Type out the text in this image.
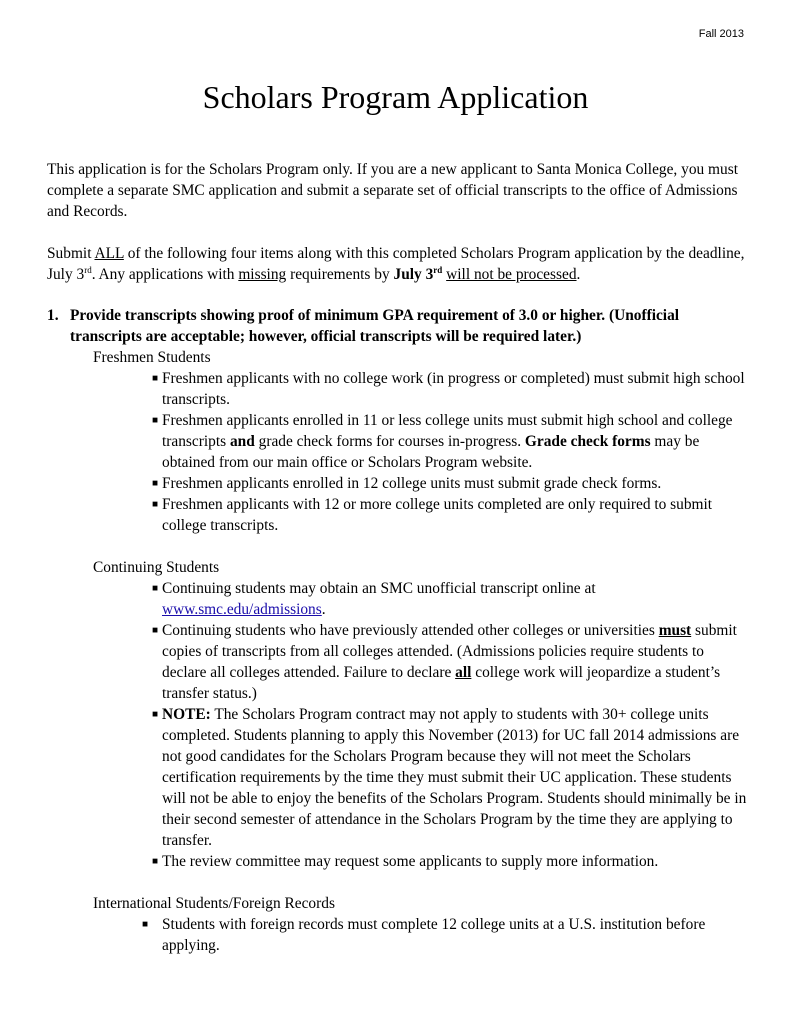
Fall 2013
Scholars Program Application

This application is for the Scholars Program only. If you are a new applicant to Santa Monica College, you must complete a separate SMC application and submit a separate set of official transcripts to the office of Admissions and Records.

Submit ALL of the following four items along with this completed Scholars Program application by the deadline, July 3rd. Any applications with missing requirements by July 3rd will not be processed.

1. Provide transcripts showing proof of minimum GPA requirement of 3.0 or higher. (Unofficial transcripts are acceptable; however, official transcripts will be required later.)
Freshmen Students
■ Freshmen applicants with no college work (in progress or completed) must submit high school transcripts.
■ Freshmen applicants enrolled in 11 or less college units must submit high school and college transcripts and grade check forms for courses in-progress. Grade check forms may be obtained from our main office or Scholars Program website.
■ Freshmen applicants enrolled in 12 college units must submit grade check forms.
■ Freshmen applicants with 12 or more college units completed are only required to submit college transcripts.
Continuing Students
■ Continuing students may obtain an SMC unofficial transcript online at www.smc.edu/admissions.
■ Continuing students who have previously attended other colleges or universities must submit copies of transcripts from all colleges attended. (Admissions policies require students to declare all colleges attended. Failure to declare all college work will jeopardize a student’s transfer status.)
■ NOTE: The Scholars Program contract may not apply to students with 30+ college units completed. Students planning to apply this November (2013) for UC fall 2014 admissions are not good candidates for the Scholars Program because they will not meet the Scholars certification requirements by the time they must submit their UC application. These students will not be able to enjoy the benefits of the Scholars Program. Students should minimally be in their second semester of attendance in the Scholars Program by the time they are applying to transfer.
■ The review committee may request some applicants to supply more information.
International Students/Foreign Records
■ Students with foreign records must complete 12 college units at a U.S. institution before applying.
